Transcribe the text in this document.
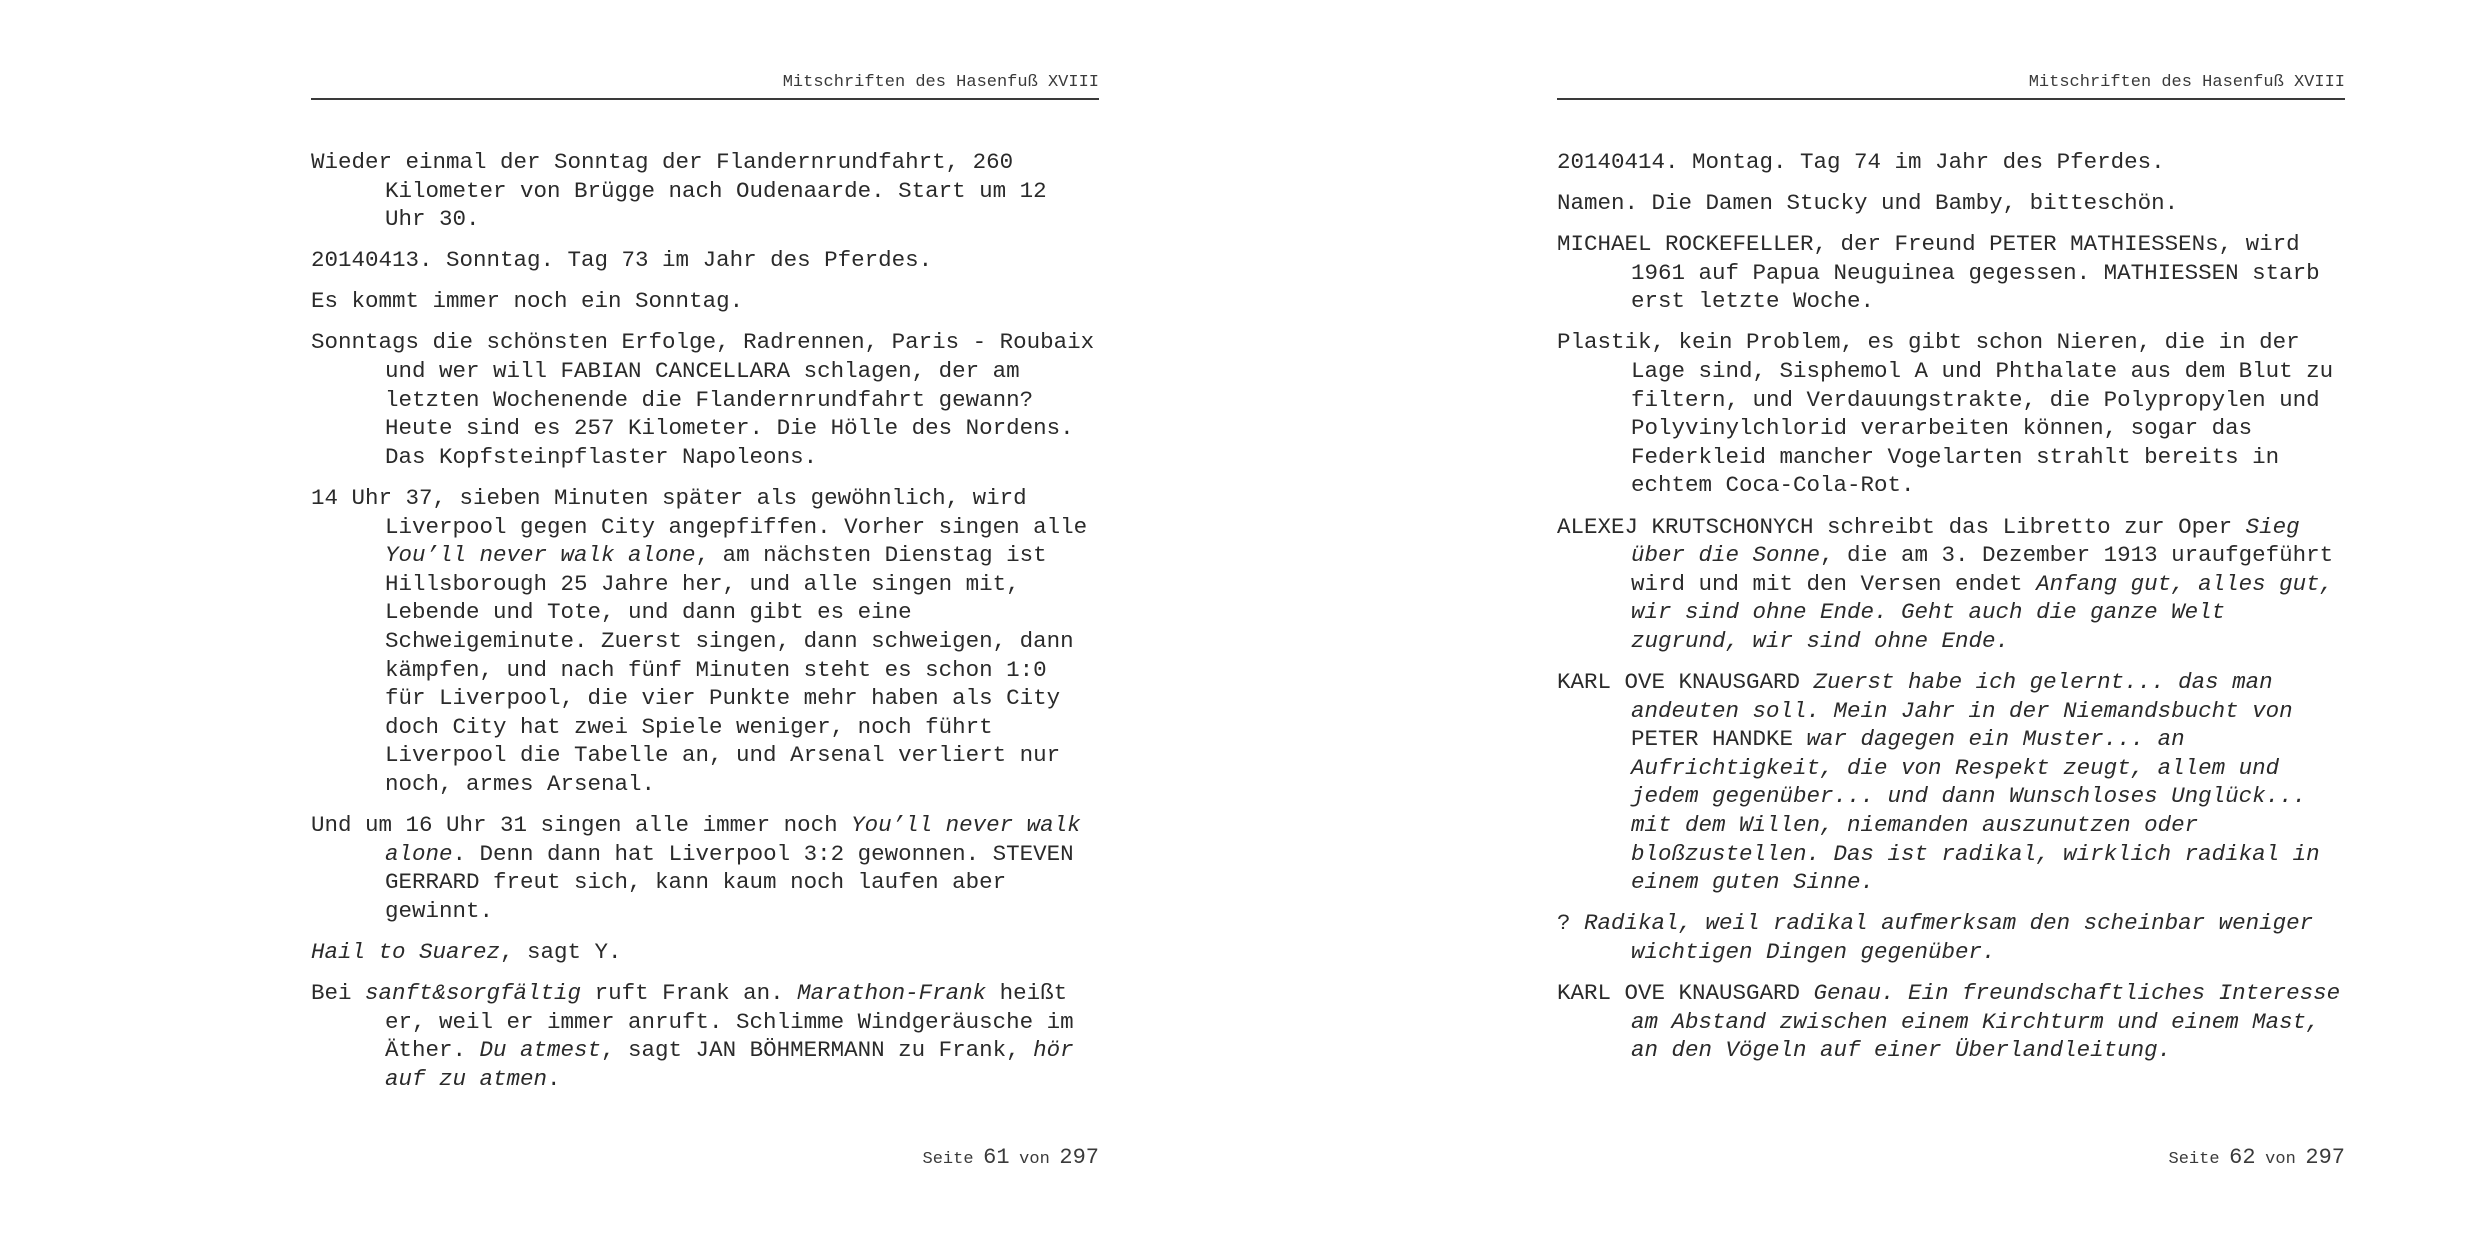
Mitschriften des Hasenfuß XVIII

Wieder einmal der Sonntag der Flandernrundfahrt, 260 Kilometer von Brügge nach Oudenaarde. Start um 12 Uhr 30.

20140413. Sonntag. Tag 73 im Jahr des Pferdes.

Es kommt immer noch ein Sonntag.

Sonntags die schönsten Erfolge, Radrennen, Paris - Roubaix und wer will FABIAN CANCELLARA schlagen, der am letzten Wochenende die Flandernrundfahrt gewann? Heute sind es 257 Kilometer. Die Hölle des Nordens. Das Kopfsteinpflaster Napoleons.

14 Uhr 37, sieben Minuten später als gewöhnlich, wird Liverpool gegen City angepfiffen. Vorher singen alle You’ll never walk alone, am nächsten Dienstag ist Hillsborough 25 Jahre her, und alle singen mit, Lebende und Tote, und dann gibt es eine Schweigeminute. Zuerst singen, dann schweigen, dann kämpfen, und nach fünf Minuten steht es schon 1:0 für Liverpool, die vier Punkte mehr haben als City doch City hat zwei Spiele weniger, noch führt Liverpool die Tabelle an, und Arsenal verliert nur noch, armes Arsenal.

Und um 16 Uhr 31 singen alle immer noch You’ll never walk alone. Denn dann hat Liverpool 3:2 gewonnen. STEVEN GERRARD freut sich, kann kaum noch laufen aber gewinnt.

Hail to Suarez, sagt Y.

Bei sanft&sorgfältig ruft Frank an. Marathon-Frank heißt er, weil er immer anruft. Schlimme Windgeräusche im Äther. Du atmest, sagt JAN BÖHMERMANN zu Frank, hör auf zu atmen.

Seite 61 von 297
Mitschriften des Hasenfuß XVIII

20140414. Montag. Tag 74 im Jahr des Pferdes.

Namen. Die Damen Stucky und Bamby, bitteschön.

MICHAEL ROCKEFELLER, der Freund PETER MATHIESSENs, wird 1961 auf Papua Neuguinea gegessen. MATHIESSEN starb erst letzte Woche.

Plastik, kein Problem, es gibt schon Nieren, die in der Lage sind, Sisphemol A und Phthalate aus dem Blut zu filtern, und Verdauungstrakte, die Polypropylen und Polyvinylchlorid verarbeiten können, sogar das Federkleid mancher Vogelarten strahlt bereits in echtem Coca-Cola-Rot.

ALEXEJ KRUTSCHONYCH schreibt das Libretto zur Oper Sieg über die Sonne, die am 3. Dezember 1913 uraufgeführt wird und mit den Versen endet Anfang gut, alles gut, wir sind ohne Ende. Geht auch die ganze Welt zugrund, wir sind ohne Ende.

KARL OVE KNAUSGARD Zuerst habe ich gelernt... das man andeuten soll. Mein Jahr in der Niemandsbucht von PETER HANDKE war dagegen ein Muster... an Aufrichtigkeit, die von Respekt zeugt, allem und jedem gegenüber... und dann Wunschloses Unglück... mit dem Willen, niemanden auszunutzen oder bloßzustellen. Das ist radikal, wirklich radikal in einem guten Sinne.

? Radikal, weil radikal aufmerksam den scheinbar weniger wichtigen Dingen gegenüber.

KARL OVE KNAUSGARD Genau. Ein freundschaftliches Interesse am Abstand zwischen einem Kirchturm und einem Mast, an den Vögeln auf einer Überlandleitung.

Seite 62 von 297
